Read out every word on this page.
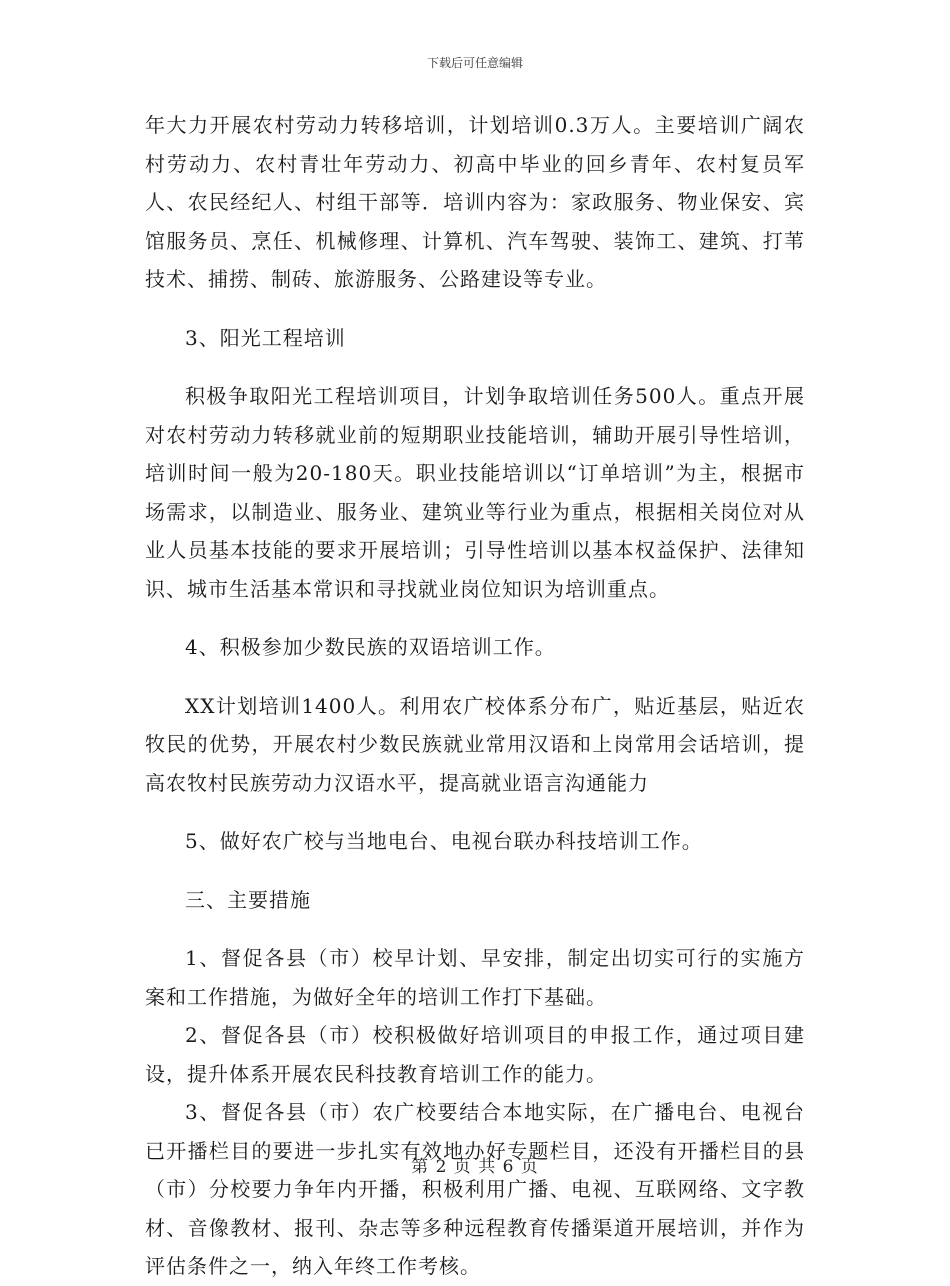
下载后可任意编辑

年大力开展农村劳动力转移培训，计划培训0.3万人。主要培训广阔农村劳动力、农村青壮年劳动力、初高中毕业的回乡青年、农村复员军人、农民经纪人、村组干部等．培训内容为：家政服务、物业保安、宾馆服务员、烹任、机械修理、计算机、汽车驾驶、装饰工、建筑、打苇技术、捕捞、制砖、旅游服务、公路建设等专业。

3、阳光工程培训

积极争取阳光工程培训项目，计划争取培训任务500人。重点开展对农村劳动力转移就业前的短期职业技能培训，辅助开展引导性培训，培训时间一般为20-180天。职业技能培训以“订单培训”为主，根据市场需求，以制造业、服务业、建筑业等行业为重点，根据相关岗位对从业人员基本技能的要求开展培训；引导性培训以基本权益保护、法律知识、城市生活基本常识和寻找就业岗位知识为培训重点。

4、积极参加少数民族的双语培训工作。

XX计划培训1400人。利用农广校体系分布广，贴近基层，贴近农牧民的优势，开展农村少数民族就业常用汉语和上岗常用会话培训，提高农牧村民族劳动力汉语水平，提高就业语言沟通能力

5、做好农广校与当地电台、电视台联办科技培训工作。

三、主要措施

1、督促各县（市）校早计划、早安排，制定出切实可行的实施方案和工作措施，为做好全年的培训工作打下基础。

2、督促各县（市）校积极做好培训项目的申报工作，通过项目建设，提升体系开展农民科技教育培训工作的能力。

3、督促各县（市）农广校要结合本地实际，在广播电台、电视台已开播栏目的要进一步扎实有效地办好专题栏目，还没有开播栏目的县（市）分校要力争年内开播，积极利用广播、电视、互联网络、文字教材、音像教材、报刊、杂志等多种远程教育传播渠道开展培训，并作为评估条件之一，纳入年终工作考核。

第 2 页 共 6 页
